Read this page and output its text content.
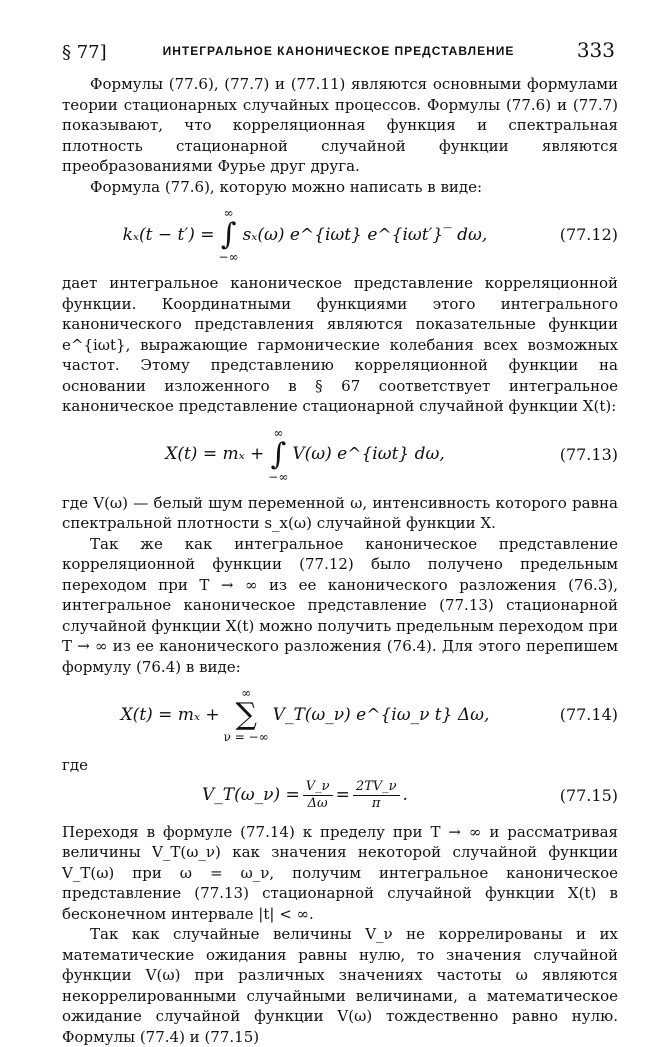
§ 77]	ИНТЕГРАЛЬНОЕ КАНОНИЧЕСКОЕ ПРЕДСТАВЛЕНИЕ	333

Формулы (77.6), (77.7) и (77.11) являются основными формулами теории стационарных случайных процессов. Формулы (77.6) и (77.7) показывают, что корреляционная функция и спектральная плотность стационарной случайной функции являются преобразованиями Фурье друг друга.

Формула (77.6), которую можно написать в виде:

kₓ(t − t′) =
∞
∫
−∞
sₓ(ω) e^{iωt} e^{iωt′}‾ dω,	(77.12)

дает интегральное каноническое представление корреляционной функции. Координатными функциями этого интегрального канонического представления являются показательные функции e^{iωt}, выражающие гармонические колебания всех возможных частот. Этому представлению корреляционной функции на основании изложенного в § 67 соответствует интегральное каноническое представление стационарной случайной функции X(t):

X(t) = mₓ +
∞
∫
−∞
V(ω) e^{iωt} dω,	(77.13)

где V(ω) — белый шум переменной ω, интенсивность которого равна спектральной плотности s_x(ω) случайной функции X.

Так же как интегральное каноническое представление корреляционной функции (77.12) было получено предельным переходом при T → ∞ из ее канонического разложения (76.3), интегральное каноническое представление (77.13) стационарной случайной функции X(t) можно получить предельным переходом при T → ∞ из ее канонического разложения (76.4). Для этого перепишем формулу (76.4) в виде:

X(t) = mₓ +
∞
∑
ν = −∞
V_T(ω_ν) e^{iω_ν t} Δω,	(77.14)

где

V_T(ω_ν) = $\frac{V\_\nu}{\Delta\omega} = \frac{2TV\_\nu}{\pi}$ .	(77.15)

Переходя в формуле (77.14) к пределу при T → ∞ и рассматривая величины V_T(ω_ν) как значения некоторой случайной функции V_T(ω) при ω = ω_ν, получим интегральное каноническое представление (77.13) стационарной случайной функции X(t) в бесконечном интервале |t| < ∞.

Так как случайные величины V_ν не коррелированы и их математические ожидания равны нулю, то значения случайной функции V(ω) при различных значениях частоты ω являются некоррелированными случайными величинами, а математическое ожидание случайной функции V(ω) тождественно равно нулю. Формулы (77.4) и (77.15)
